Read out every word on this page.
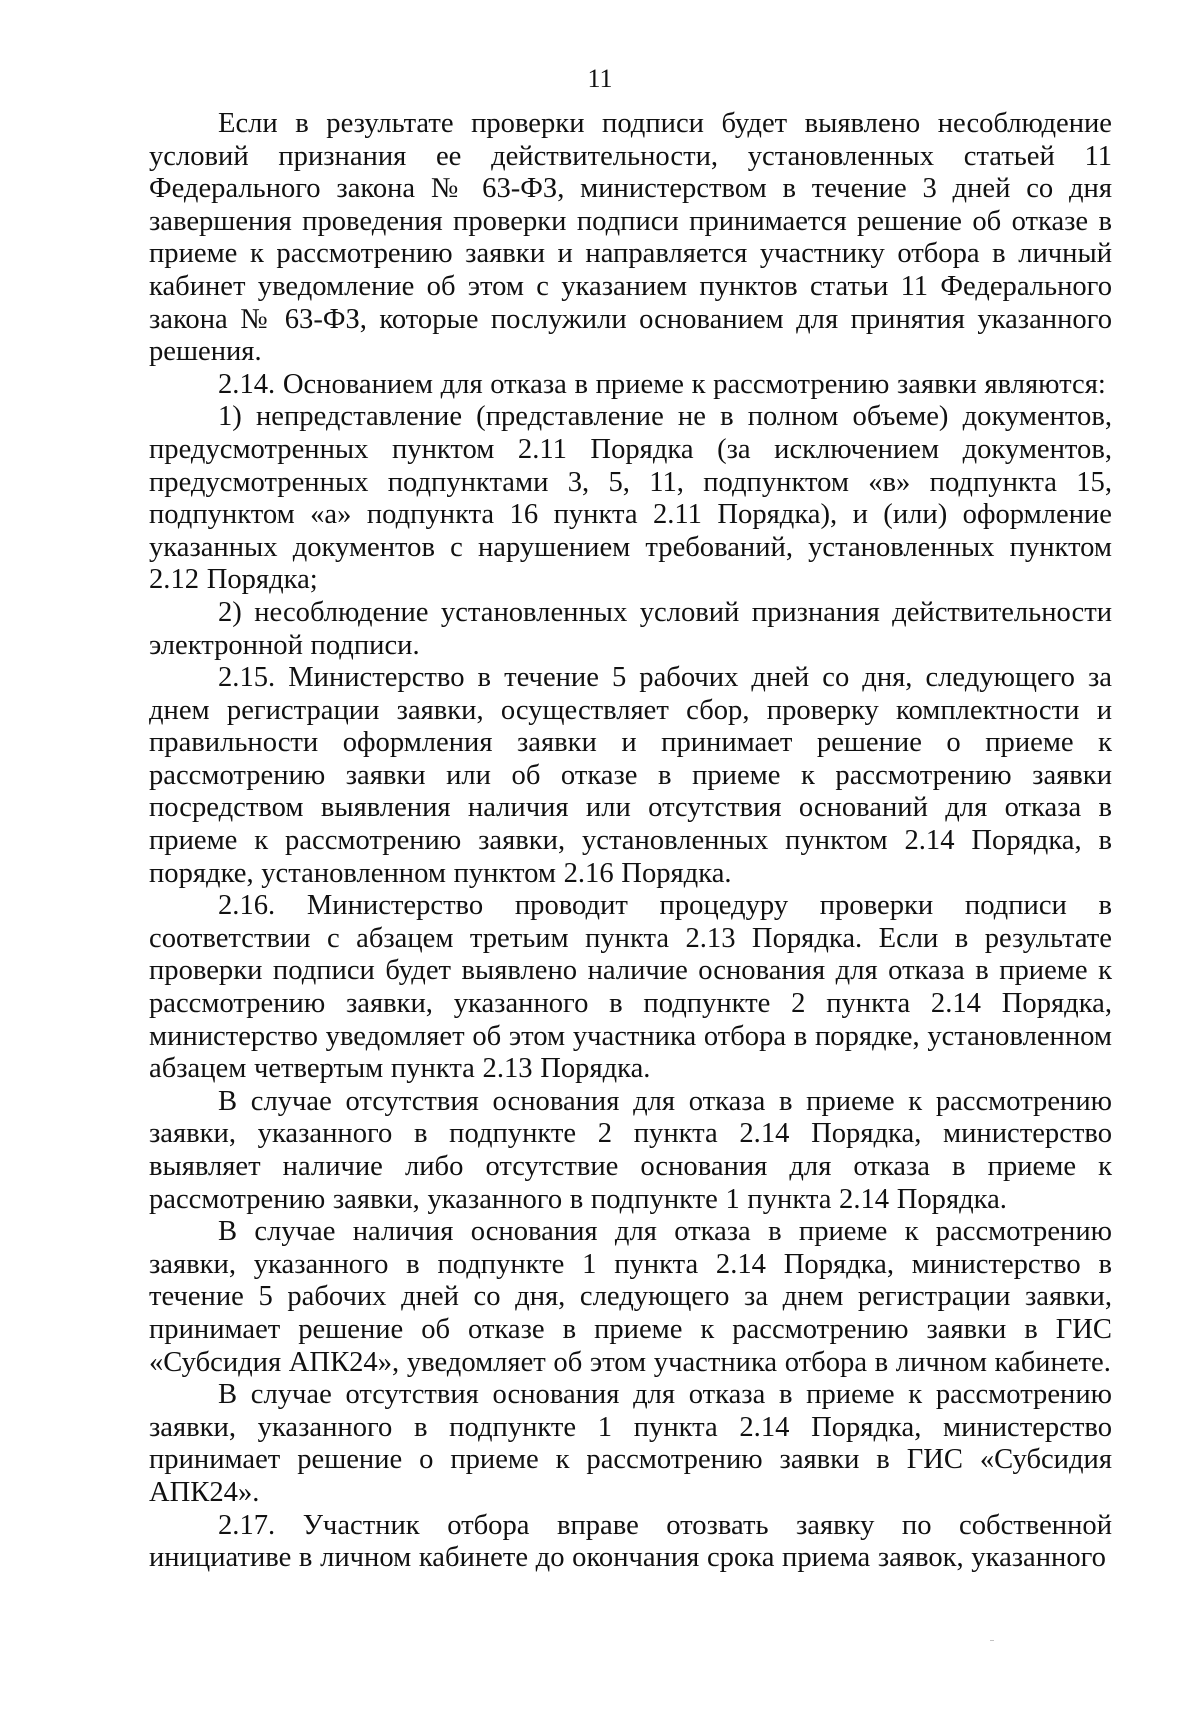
11

Если в результате проверки подписи будет выявлено несоблюдение условий признания ее действительности, установленных статьей 11 Федерального закона № 63-ФЗ, министерством в течение 3 дней со дня завершения проведения проверки подписи принимается решение об отказе в приеме к рассмотрению заявки и направляется участнику отбора в личный кабинет уведомление об этом с указанием пунктов статьи 11 Федерального закона № 63-ФЗ, которые послужили основанием для принятия указанного решения.

2.14. Основанием для отказа в приеме к рассмотрению заявки являются:

1) непредставление (представление не в полном объеме) документов, предусмотренных пунктом 2.11 Порядка (за исключением документов, предусмотренных подпунктами 3, 5, 11, подпунктом «в» подпункта 15, подпунктом «а» подпункта 16 пункта 2.11 Порядка), и (или) оформление указанных документов с нарушением требований, установленных пунктом 2.12 Порядка;

2) несоблюдение установленных условий признания действительности электронной подписи.

2.15. Министерство в течение 5 рабочих дней со дня, следующего за днем регистрации заявки, осуществляет сбор, проверку комплектности и правильности оформления заявки и принимает решение о приеме к рассмотрению заявки или об отказе в приеме к рассмотрению заявки посредством выявления наличия или отсутствия оснований для отказа в приеме к рассмотрению заявки, установленных пунктом 2.14 Порядка, в порядке, установленном пунктом 2.16 Порядка.

2.16. Министерство проводит процедуру проверки подписи в соответствии с абзацем третьим пункта 2.13 Порядка. Если в результате проверки подписи будет выявлено наличие основания для отказа в приеме к рассмотрению заявки, указанного в подпункте 2 пункта 2.14 Порядка, министерство уведомляет об этом участника отбора в порядке, установленном абзацем четвертым пункта 2.13 Порядка.

В случае отсутствия основания для отказа в приеме к рассмотрению заявки, указанного в подпункте 2 пункта 2.14 Порядка, министерство выявляет наличие либо отсутствие основания для отказа в приеме к рассмотрению заявки, указанного в подпункте 1 пункта 2.14 Порядка.

В случае наличия основания для отказа в приеме к рассмотрению заявки, указанного в подпункте 1 пункта 2.14 Порядка, министерство в течение 5 рабочих дней со дня, следующего за днем регистрации заявки, принимает решение об отказе в приеме к рассмотрению заявки в ГИС «Субсидия АПК24», уведомляет об этом участника отбора в личном кабинете.

В случае отсутствия основания для отказа в приеме к рассмотрению заявки, указанного в подпункте 1 пункта 2.14 Порядка, министерство принимает решение о приеме к рассмотрению заявки в ГИС «Субсидия АПК24».

2.17. Участник отбора вправе отозвать заявку по собственной инициативе в личном кабинете до окончания срока приема заявок, указанного
